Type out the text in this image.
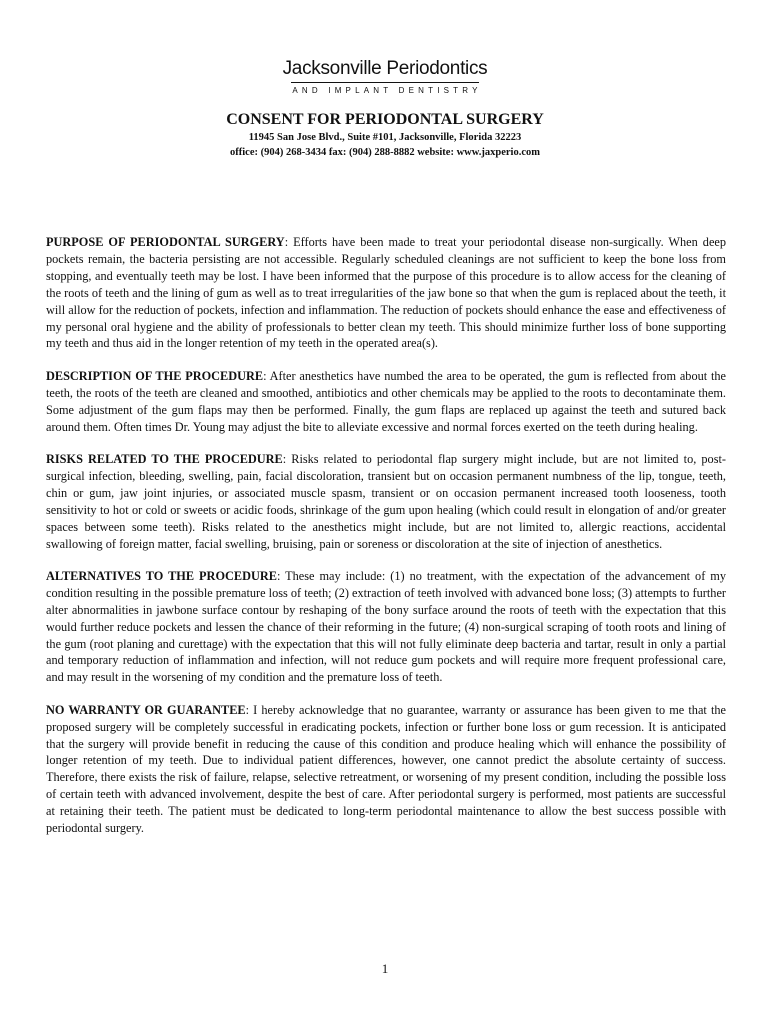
Jacksonville Periodontics
AND IMPLANT DENTISTRY
CONSENT FOR PERIODONTAL SURGERY
11945 San Jose Blvd., Suite #101, Jacksonville, Florida 32223
office: (904) 268-3434 fax: (904) 288-8882 website: www.jaxperio.com

PURPOSE OF PERIODONTAL SURGERY: Efforts have been made to treat your periodontal disease non-surgically. When deep pockets remain, the bacteria persisting are not accessible. Regularly scheduled cleanings are not sufficient to keep the bone loss from stopping, and eventually teeth may be lost. I have been informed that the purpose of this procedure is to allow access for the cleaning of the roots of teeth and the lining of gum as well as to treat irregularities of the jaw bone so that when the gum is replaced about the teeth, it will allow for the reduction of pockets, infection and inflammation. The reduction of pockets should enhance the ease and effectiveness of my personal oral hygiene and the ability of professionals to better clean my teeth. This should minimize further loss of bone supporting my teeth and thus aid in the longer retention of my teeth in the operated area(s).

DESCRIPTION OF THE PROCEDURE: After anesthetics have numbed the area to be operated, the gum is reflected from about the teeth, the roots of the teeth are cleaned and smoothed, antibiotics and other chemicals may be applied to the roots to decontaminate them. Some adjustment of the gum flaps may then be performed. Finally, the gum flaps are replaced up against the teeth and sutured back around them. Often times Dr. Young may adjust the bite to alleviate excessive and normal forces exerted on the teeth during healing.

RISKS RELATED TO THE PROCEDURE: Risks related to periodontal flap surgery might include, but are not limited to, post-surgical infection, bleeding, swelling, pain, facial discoloration, transient but on occasion permanent numbness of the lip, tongue, teeth, chin or gum, jaw joint injuries, or associated muscle spasm, transient or on occasion permanent increased tooth looseness, tooth sensitivity to hot or cold or sweets or acidic foods, shrinkage of the gum upon healing (which could result in elongation of and/or greater spaces between some teeth). Risks related to the anesthetics might include, but are not limited to, allergic reactions, accidental swallowing of foreign matter, facial swelling, bruising, pain or soreness or discoloration at the site of injection of anesthetics.

ALTERNATIVES TO THE PROCEDURE: These may include: (1) no treatment, with the expectation of the advancement of my condition resulting in the possible premature loss of teeth; (2) extraction of teeth involved with advanced bone loss; (3) attempts to further alter abnormalities in jawbone surface contour by reshaping of the bony surface around the roots of teeth with the expectation that this would further reduce pockets and lessen the chance of their reforming in the future; (4) non-surgical scraping of tooth roots and lining of the gum (root planing and curettage) with the expectation that this will not fully eliminate deep bacteria and tartar, result in only a partial and temporary reduction of inflammation and infection, will not reduce gum pockets and will require more frequent professional care, and may result in the worsening of my condition and the premature loss of teeth.

NO WARRANTY OR GUARANTEE: I hereby acknowledge that no guarantee, warranty or assurance has been given to me that the proposed surgery will be completely successful in eradicating pockets, infection or further bone loss or gum recession. It is anticipated that the surgery will provide benefit in reducing the cause of this condition and produce healing which will enhance the possibility of longer retention of my teeth. Due to individual patient differences, however, one cannot predict the absolute certainty of success. Therefore, there exists the risk of failure, relapse, selective retreatment, or worsening of my present condition, including the possible loss of certain teeth with advanced involvement, despite the best of care. After periodontal surgery is performed, most patients are successful at retaining their teeth. The patient must be dedicated to long-term periodontal maintenance to allow the best success possible with periodontal surgery.

1
